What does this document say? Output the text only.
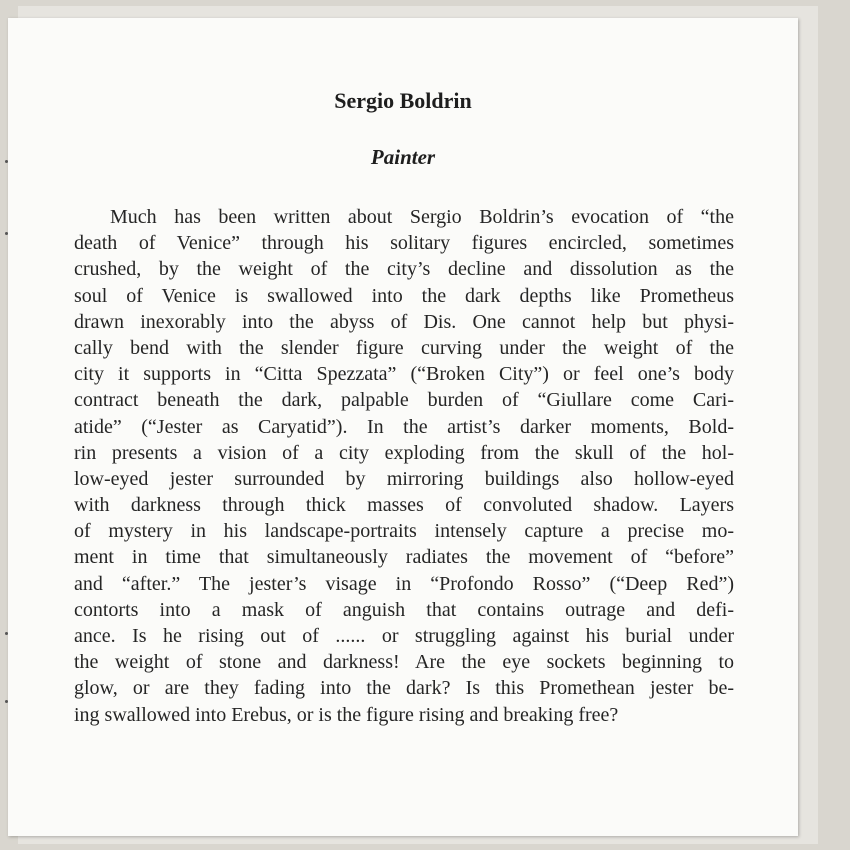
Sergio Boldrin
Painter

Much has been written about Sergio Boldrin’s evocation of “the
death of Venice” through his solitary figures encircled, sometimes
crushed, by the weight of the city’s decline and dissolution as the
soul of Venice is swallowed into the dark depths like Prometheus
drawn inexorably into the abyss of Dis. One cannot help but physi-
cally bend with the slender figure curving under the weight of the
city it supports in “Citta Spezzata” (“Broken City”) or feel one’s body
contract beneath the dark, palpable burden of “Giullare come Cari-
atide” (“Jester as Caryatid”). In the artist’s darker moments, Bold-
rin presents a vision of a city exploding from the skull of the hol-
low-eyed jester surrounded by mirroring buildings also hollow-eyed
with darkness through thick masses of convoluted shadow. Layers
of mystery in his landscape-portraits intensely capture a precise mo-
ment in time that simultaneously radiates the movement of “before”
and “after.” The jester’s visage in “Profondo Rosso” (“Deep Red”)
contorts into a mask of anguish that contains outrage and defi-
ance. Is he rising out of ...... or struggling against his burial under
the weight of stone and darkness! Are the eye sockets beginning to
glow, or are they fading into the dark? Is this Promethean jester be-
ing swallowed into Erebus, or is the figure rising and breaking free?
